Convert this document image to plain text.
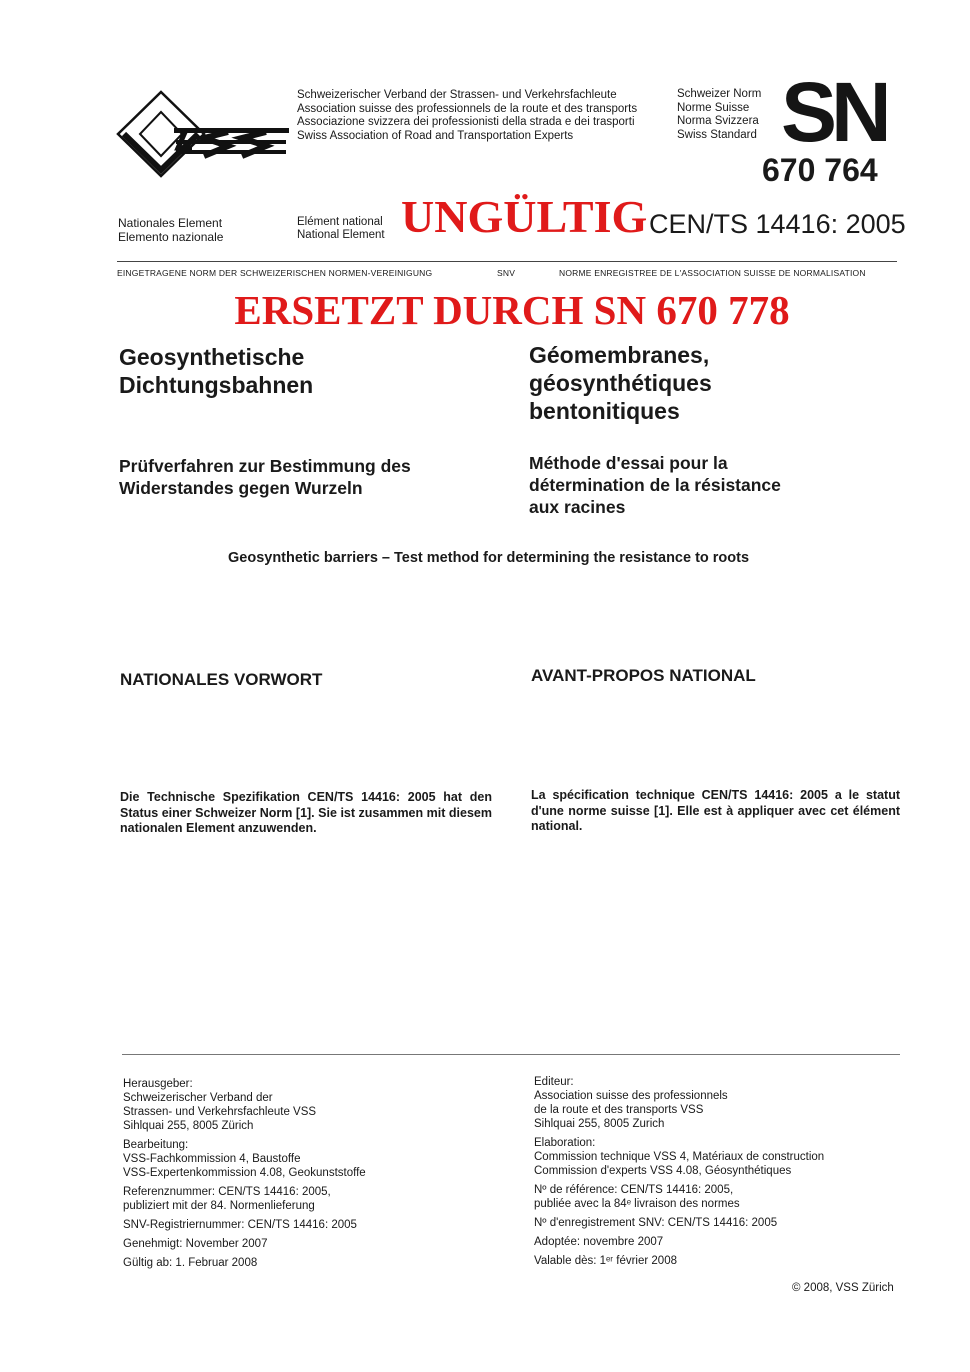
Schweizerischer Verband der Strassen- und Verkehrsfachleute
Association suisse des professionnels de la route et des transports
Associazione svizzera dei professionisti della strada e dei trasporti
Swiss Association of Road and Transportation Experts
Schweizer Norm
Norme Suisse
Norma Svizzera
Swiss Standard SN
670 764
Nationales Element
Elemento nazionale
Elément national
National Element UNGÜLTIG CEN/TS 14416: 2005
EINGETRAGENE NORM DER SCHWEIZERISCHEN NORMEN-VEREINIGUNG	SNV	NORME ENREGISTREE DE L'ASSOCIATION SUISSE DE NORMALISATION
ERSETZT DURCH SN 670 778
Geosynthetische
Dichtungsbahnen
Géomembranes,
géosynthétiques
bentonitiques
Prüfverfahren zur Bestimmung des
Widerstandes gegen Wurzeln
Méthode d'essai pour la
détermination de la résistance
aux racines
Geosynthetic barriers – Test method for determining the resistance to roots
NATIONALES VORWORT	AVANT-PROPOS NATIONAL
Die Technische Spezifikation CEN/TS 14416: 2005 hat den Status einer Schweizer Norm [1]. Sie ist zusammen mit diesem nationalen Element anzuwenden.
La spécification technique CEN/TS 14416: 2005 a le statut d'une norme suisse [1]. Elle est à appliquer avec cet élément national.

Herausgeber:
Schweizerischer Verband der
Strassen- und Verkehrsfachleute VSS
Sihlquai 255, 8005 Zürich

Bearbeitung:
VSS-Fachkommission 4, Baustoffe
VSS-Expertenkommission 4.08, Geokunststoffe

Referenznummer: CEN/TS 14416: 2005,
publiziert mit der 84. Normenlieferung

SNV-Registriernummer: CEN/TS 14416: 2005

Genehmigt: November 2007

Gültig ab: 1. Februar 2008

Editeur:
Association suisse des professionnels
de la route et des transports VSS
Sihlquai 255, 8005 Zurich

Elaboration:
Commission technique VSS 4, Matériaux de construction
Commission d'experts VSS 4.08, Géosynthétiques

Nº de référence: CEN/TS 14416: 2005,
publiée avec la 84ᵉ livraison des normes

Nº d'enregistrement SNV: CEN/TS 14416: 2005

Adoptée: novembre 2007

Valable dès: 1ᵉʳ février 2008

© 2008, VSS Zürich
